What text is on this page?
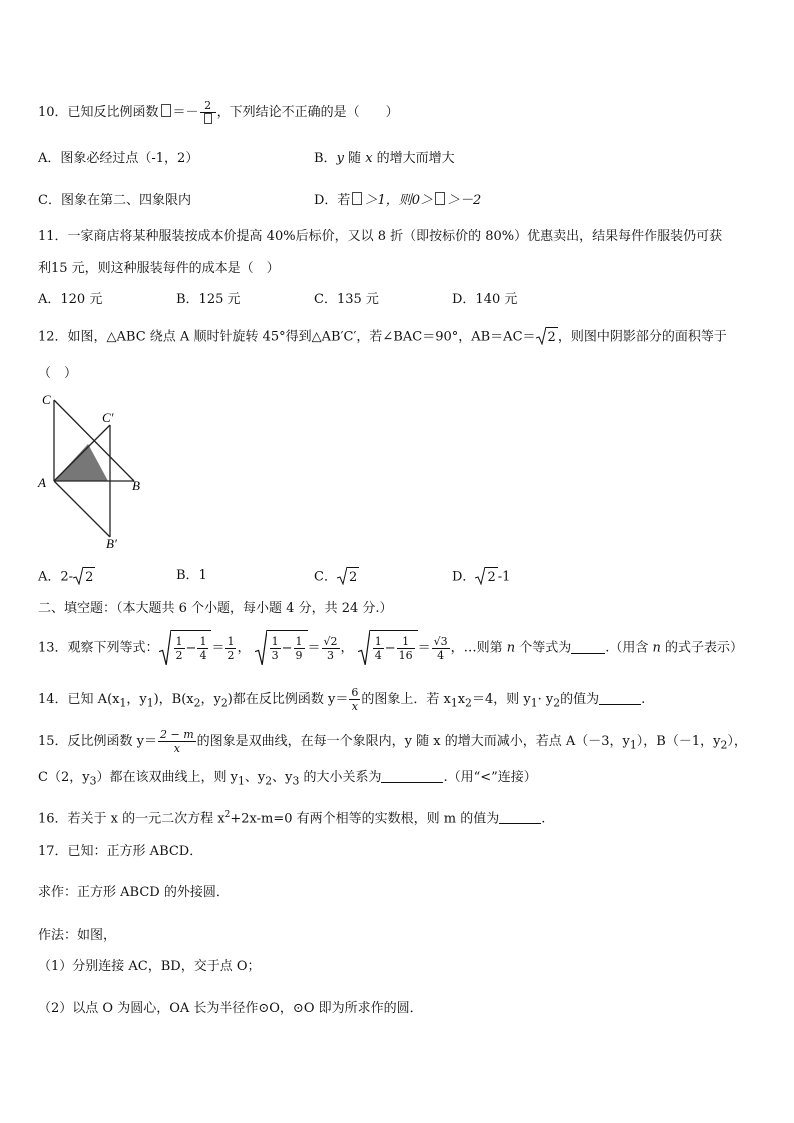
10．已知反比例函数 ＝－ 2 ，下列结论不正确的是（　　）
A．图象必经过点（-1，2）	B．y 随 x 的增大而增大
C．图象在第二、四象限内	D．若 ＞1，则0＞ ＞－2
11．一家商店将某种服装按成本价提高 40%后标价，又以 8 折（即按标价的 80%）优惠卖出，结果每件作服装仍可获
利15 元，则这种服装每件的成本是（　）
A．120 元	B．125 元	C．135 元	D．140 元
12．如图，△ABC 绕点 A 顺时针旋转 45°得到△AB′C′，若∠BAC＝90°，AB＝AC＝ 2 ，则图中阴影部分的面积等于
（　）
C
C′
A	B
B′
A．2- 2	B．1	C． 2	D． 2 -1
二、填空题：（本大题共 6 个小题，每小题 4 分，共 24 分.）
13．观察下列等式： $\frac{1}{2} - \frac{1}{4} = \frac{1}{2}$ ， $\frac{1}{3} - \frac{1}{9} = \frac{√2}{3}$ ， $\frac{1}{4} - \frac{1}{16} = \frac{√3}{4}$ ，…则第 n 个等式为	.（用含 n 的式子表示）
14．已知 $A(x_1$，$y_1$)，$B(x_2$，$y_2$)都在反比例函数 $y= \frac{6}{x}$ 的图象上．若 $x_1x_2=4$，则 $y_1\cdot y_2$的值为	.
15．反比例函数 $y= \frac{2 - m}{x}$ 的图象是双曲线，在每一个象限内，y 随 x 的增大而减小，若点 A（－3，$y_1$），B（－1，$y_2$），
C（2，$y_3$）都在该双曲线上，则 $y_1$、$y_2$、$y_3$ 的大小关系为	.（用“<”连接）
16．若关于 x 的一元二次方程 $x^2+2x-m=0$ 有两个相等的实数根，则 m 的值为	.
17．已知：正方形 ABCD．
求作：正方形 ABCD 的外接圆．
作法：如图，
（1）分别连接 AC，BD，交于点 O；
（2）以点 O 为圆心，OA 长为半径作⊙O，⊙O 即为所求作的圆．
